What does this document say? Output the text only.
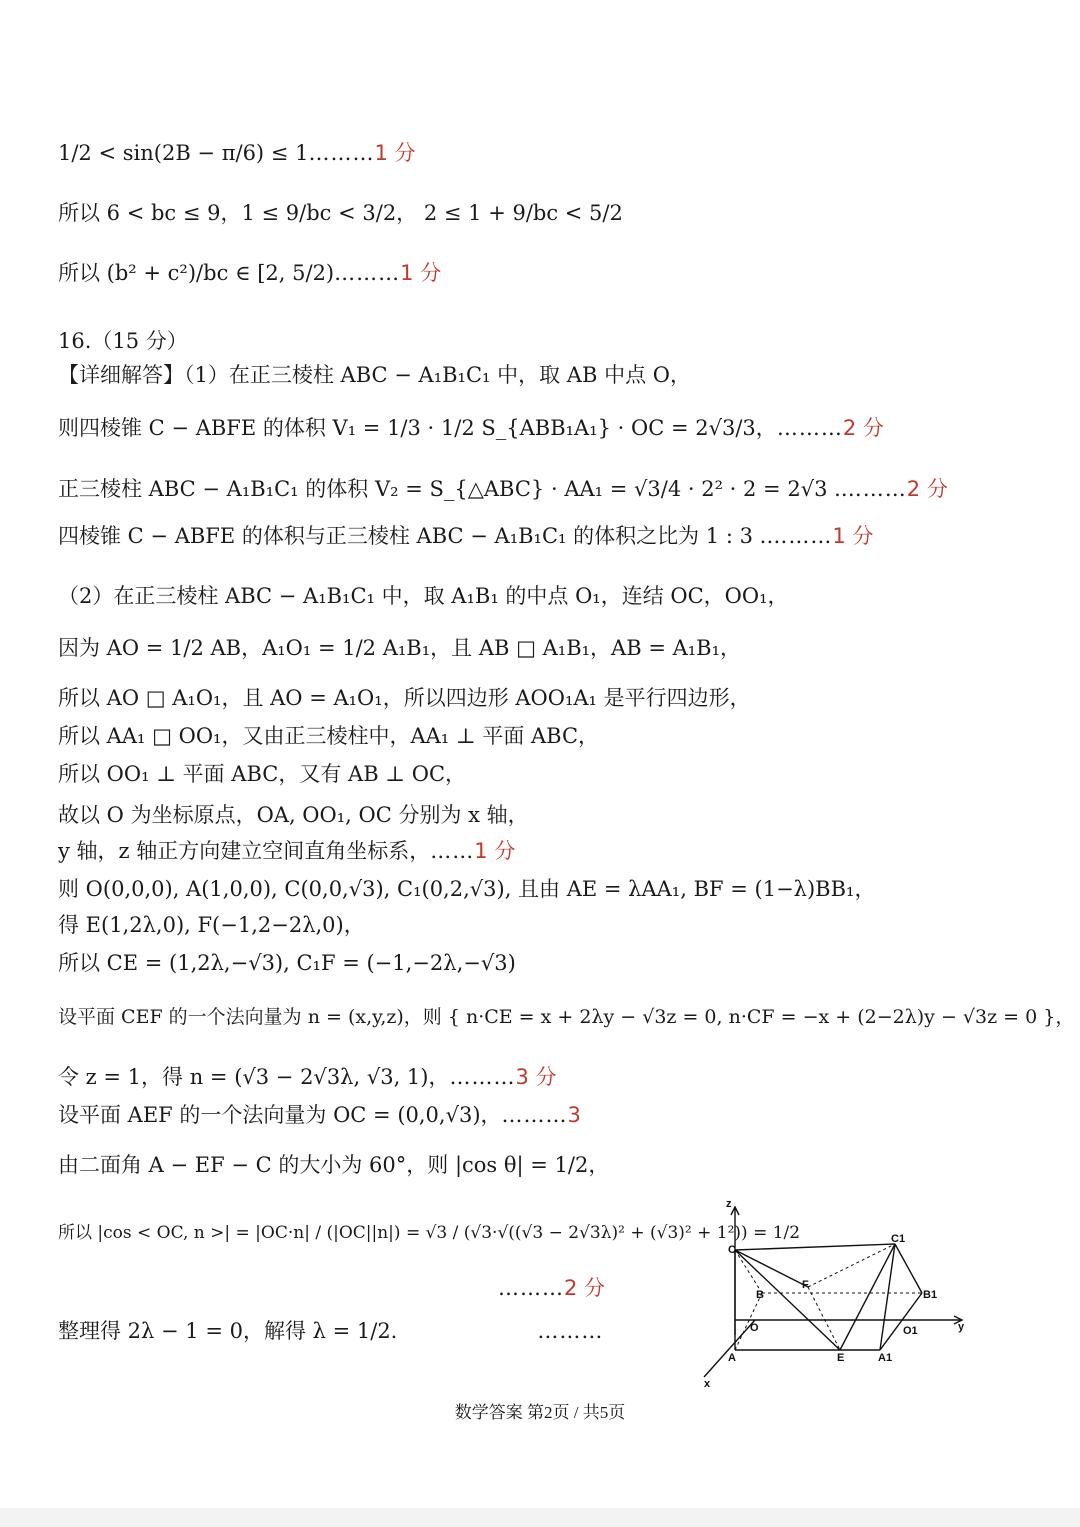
1/2 < sin(2B − π/6) ≤ 1………1 分
所以 6 < bc ≤ 9，1 ≤ 9/bc < 3/2， 2 ≤ 1 + 9/bc < 5/2
所以 (b² + c²)/bc ∈ [2, 5/2)………1 分
16.（15 分）
【详细解答】（1）在正三棱柱 ABC − A₁B₁C₁ 中，取 AB 中点 O，
则四棱锥 C − ABFE 的体积 V₁ = 1/3 · 1/2 S_{ABB₁A₁} · OC = 2√3/3，………2 分
正三棱柱 ABC − A₁B₁C₁ 的体积 V₂ = S_{△ABC} · AA₁ = √3/4 · 2² · 2 = 2√3 .………2 分
四棱锥 C − ABFE 的体积与正三棱柱 ABC − A₁B₁C₁ 的体积之比为 1 : 3 .………1 分
（2）在正三棱柱 ABC − A₁B₁C₁ 中，取 A₁B₁ 的中点 O₁，连结 OC，OO₁，
因为 AO = 1/2 AB，A₁O₁ = 1/2 A₁B₁，且 AB □ A₁B₁，AB = A₁B₁，
所以 AO □ A₁O₁，且 AO = A₁O₁，所以四边形 AOO₁A₁ 是平行四边形，
所以 AA₁ □ OO₁，又由正三棱柱中，AA₁ ⊥ 平面 ABC，
所以 OO₁ ⊥ 平面 ABC，又有 AB ⊥ OC，
故以 O 为坐标原点，OA, OO₁, OC 分别为 x 轴，
y 轴，z 轴正方向建立空间直角坐标系，……1 分
则 O(0,0,0), A(1,0,0), C(0,0,√3), C₁(0,2,√3), 且由 AE = λAA₁, BF = (1−λ)BB₁，
得 E(1,2λ,0), F(−1,2−2λ,0)，
所以 CE = (1,2λ,−√3), C₁F = (−1,−2λ,−√3)
设平面 CEF 的一个法向量为 n = (x,y,z)，则 { n·CE = x + 2λy − √3z = 0, n·CF = −x + (2−2λ)y − √3z = 0 }，
令 z = 1，得 n = (√3 − 2√3λ, √3, 1)，………3 分
设平面 AEF 的一个法向量为 OC = (0,0,√3)，………3
由二面角 A − EF − C 的大小为 60°，则 |cos θ| = 1/2，
所以 |cos < OC, n >| = |OC·n| / (|OC||n|) = √3 / (√3·√((√3 − 2√3λ)² + (√3)² + 1²)) = 1/2
………2 分
整理得 2λ − 1 = 0，解得 λ = 1/2.	………
z
y
x
C
C1
B	B1
F
O	O1
A	E	A1
数学答案 第2页 / 共5页
